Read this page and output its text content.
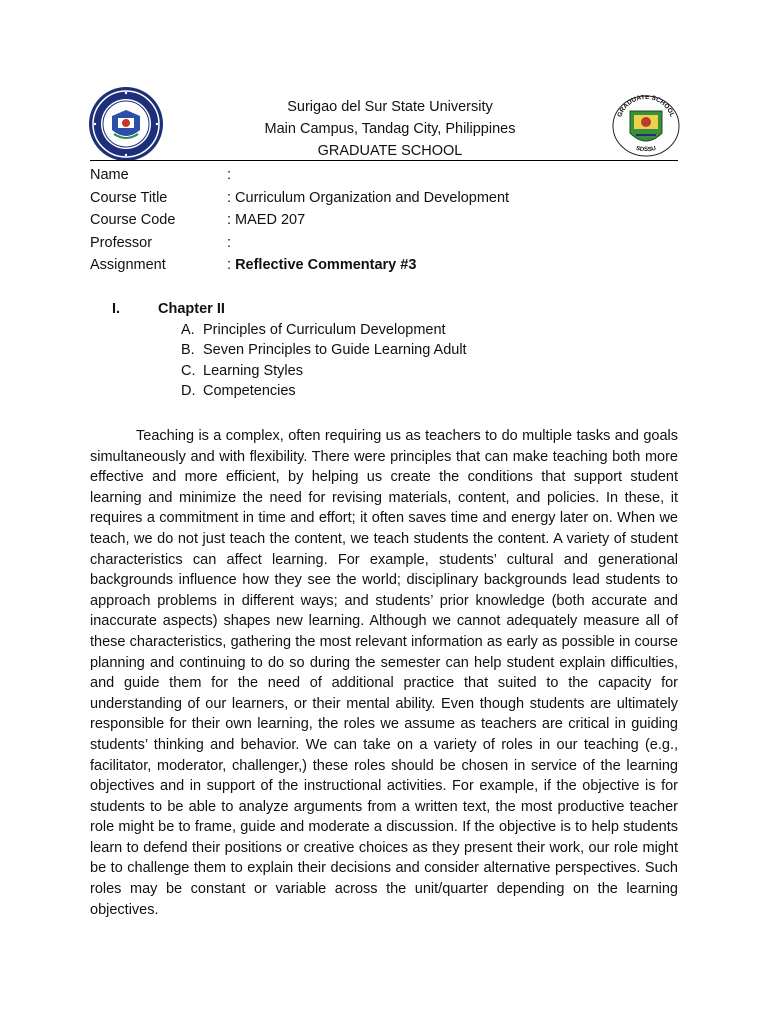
GRADUATE SCHOOL
SDSSU
Surigao del Sur State University
Main Campus, Tandag City, Philippines
GRADUATE SCHOOL
Name	:
Course Title	: Curriculum Organization and Development
Course Code	: MAED 207
Professor	:
Assignment	: Reflective Commentary #3
I.	Chapter II
A. Principles of Curriculum Development
B. Seven Principles to Guide Learning Adult
C. Learning Styles
D. Competencies

Teaching is a complex, often requiring us as teachers to do multiple tasks and goals simultaneously and with flexibility. There were principles that can make teaching both more effective and more efficient, by helping us create the conditions that support student learning and minimize the need for revising materials, content, and policies. In these, it requires a commitment in time and effort; it often saves time and energy later on. When we teach, we do not just teach the content, we teach students the content. A variety of student characteristics can affect learning. For example, students’ cultural and generational backgrounds influence how they see the world; disciplinary backgrounds lead students to approach problems in different ways; and students’ prior knowledge (both accurate and inaccurate aspects) shapes new learning. Although we cannot adequately measure all of these characteristics, gathering the most relevant information as early as possible in course planning and continuing to do so during the semester can help student explain difficulties, and guide them for the need of additional practice that suited to the capacity for understanding of our learners, or their mental ability. Even though students are ultimately responsible for their own learning, the roles we assume as teachers are critical in guiding students’ thinking and behavior. We can take on a variety of roles in our teaching (e.g., facilitator, moderator, challenger,) these roles should be chosen in service of the learning objectives and in support of the instructional activities. For example, if the objective is for students to be able to analyze arguments from a written text, the most productive teacher role might be to frame, guide and moderate a discussion. If the objective is to help students learn to defend their positions or creative choices as they present their work, our role might be to challenge them to explain their decisions and consider alternative perspectives. Such roles may be constant or variable across the unit/quarter depending on the learning objectives.
